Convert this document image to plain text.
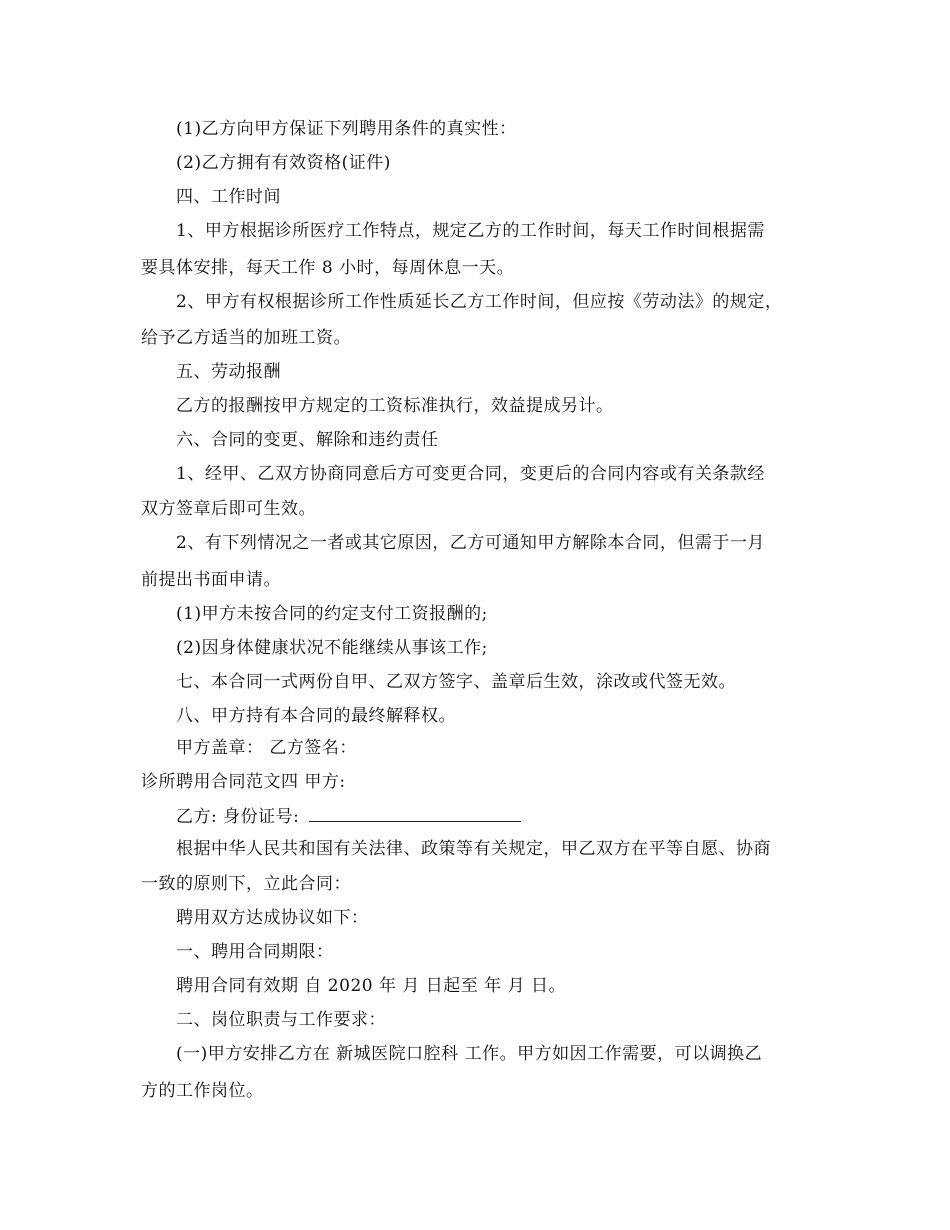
(1)乙方向甲方保证下列聘用条件的真实性：
(2)乙方拥有有效资格(证件)
四、工作时间
1、甲方根据诊所医疗工作特点，规定乙方的工作时间，每天工作时间根据需
要具体安排，每天工作 8 小时，每周休息一天。
2、甲方有权根据诊所工作性质延长乙方工作时间，但应按《劳动法》的规定，
给予乙方适当的加班工资。
五、劳动报酬
乙方的报酬按甲方规定的工资标准执行，效益提成另计。
六、合同的变更、解除和违约责任
1、经甲、乙双方协商同意后方可变更合同，变更后的合同内容或有关条款经
双方签章后即可生效。
2、有下列情况之一者或其它原因，乙方可通知甲方解除本合同，但需于一月
前提出书面申请。
(1)甲方未按合同的约定支付工资报酬的;
(2)因身体健康状况不能继续从事该工作;
七、本合同一式两份自甲、乙双方签字、盖章后生效，涂改或代签无效。
八、甲方持有本合同的最终解释权。
甲方盖章： 乙方签名：
诊所聘用合同范文四 甲方:
乙方: 身份证号:
根据中华人民共和国有关法律、政策等有关规定，甲乙双方在平等自愿、协商
一致的原则下，立此合同：
聘用双方达成协议如下：
一、聘用合同期限：
聘用合同有效期 自 2020 年 月 日起至 年 月 日。
二、岗位职责与工作要求：
(一)甲方安排乙方在 新城医院口腔科 工作。甲方如因工作需要，可以调换乙
方的工作岗位。
